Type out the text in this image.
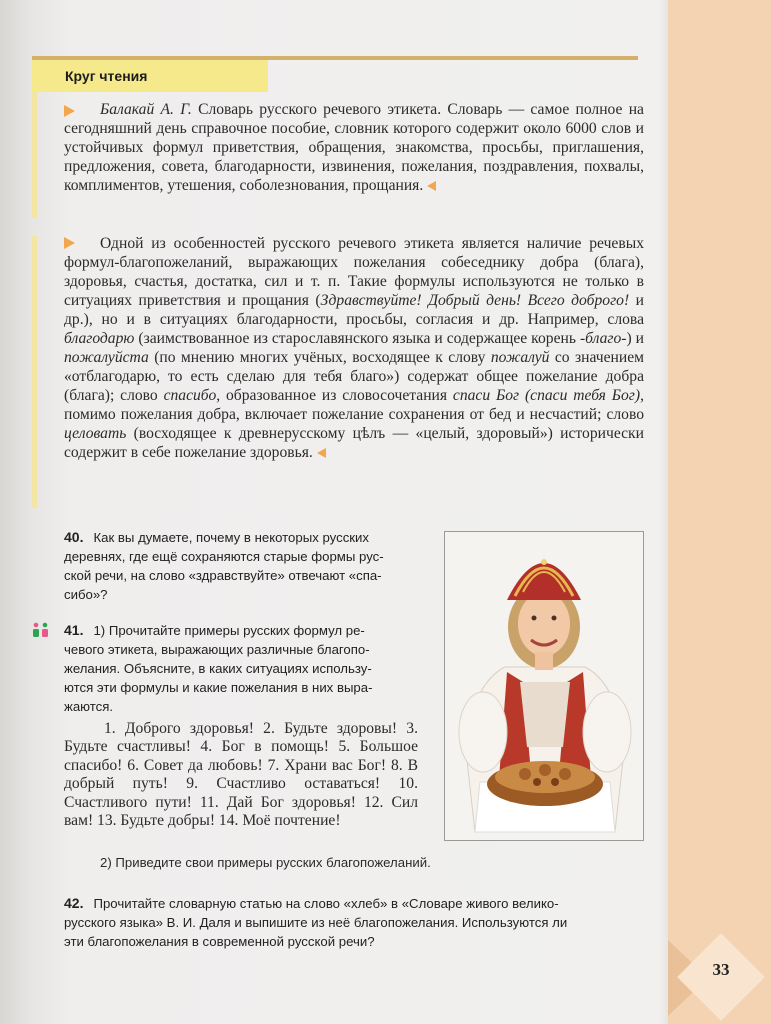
33
Круг чтения

Балакай А. Г. Словарь русского речевого этикета. Словарь — самое полное на сегодняшний день справочное пособие, словник которого содержит около 6000 слов и устойчивых формул приветствия, обращения, знакомства, просьбы, приглашения, предложения, совета, благодарности, извинения, пожелания, поздравления, похвалы, комплиментов, утешения, соболезнования, прощания.

Одной из особенностей русского речевого этикета является наличие речевых формул-благопожеланий, выражающих пожелания собеседнику добра (блага), здоровья, счастья, достатка, сил и т. п. Такие формулы используются не только в ситуациях приветствия и прощания (Здравствуйте! Добрый день! Всего доброго! и др.), но и в ситуациях благодарности, просьбы, согласия и др. Например, слова благодарю (заимствованное из старославянского языка и содержащее корень -благо-) и пожалуйста (по мнению многих учёных, восходящее к слову пожалуй со значением «отблагодарю, то есть сделаю для тебя благо») содержат общее пожелание добра (блага); слово спасибо, образованное из словосочетания спаси Бог (спаси тебя Бог), помимо пожелания добра, включает пожелание сохранения от бед и несчастий; слово целовать (восходящее к древнерусскому цѣлъ — «целый, здоровый») исторически содержит в себе пожелание здоровья.

40. Как вы думаете, почему в некоторых русских
деревнях, где ещё сохраняются старые формы рус-
ской речи, на слово «здравствуйте» отвечают «спа-
сибо»?
41. 1) Прочитайте примеры русских формул ре-
чевого этикета, выражающих различные благопо-
желания. Объясните, в каких ситуациях использу-
ются эти формулы и какие пожелания в них выра-
жаются.

1. Доброго здоровья! 2. Будьте здоровы! 3. Будьте счастливы! 4. Бог в помощь! 5. Большое спасибо! 6. Совет да любовь! 7. Храни вас Бог! 8. В добрый путь! 9. Счастливо оставаться! 10. Счастливого пути! 11. Дай Бог здоровья! 12. Сил вам! 13. Будьте добры! 14. Моё почтение!

2) Приведите свои примеры русских благопожеланий.
42. Прочитайте словарную статью на слово «хлеб» в «Словаре живого велико-
русского языка» В. И. Даля и выпишите из неё благопожелания. Используются ли
эти благопожелания в современной русской речи?
